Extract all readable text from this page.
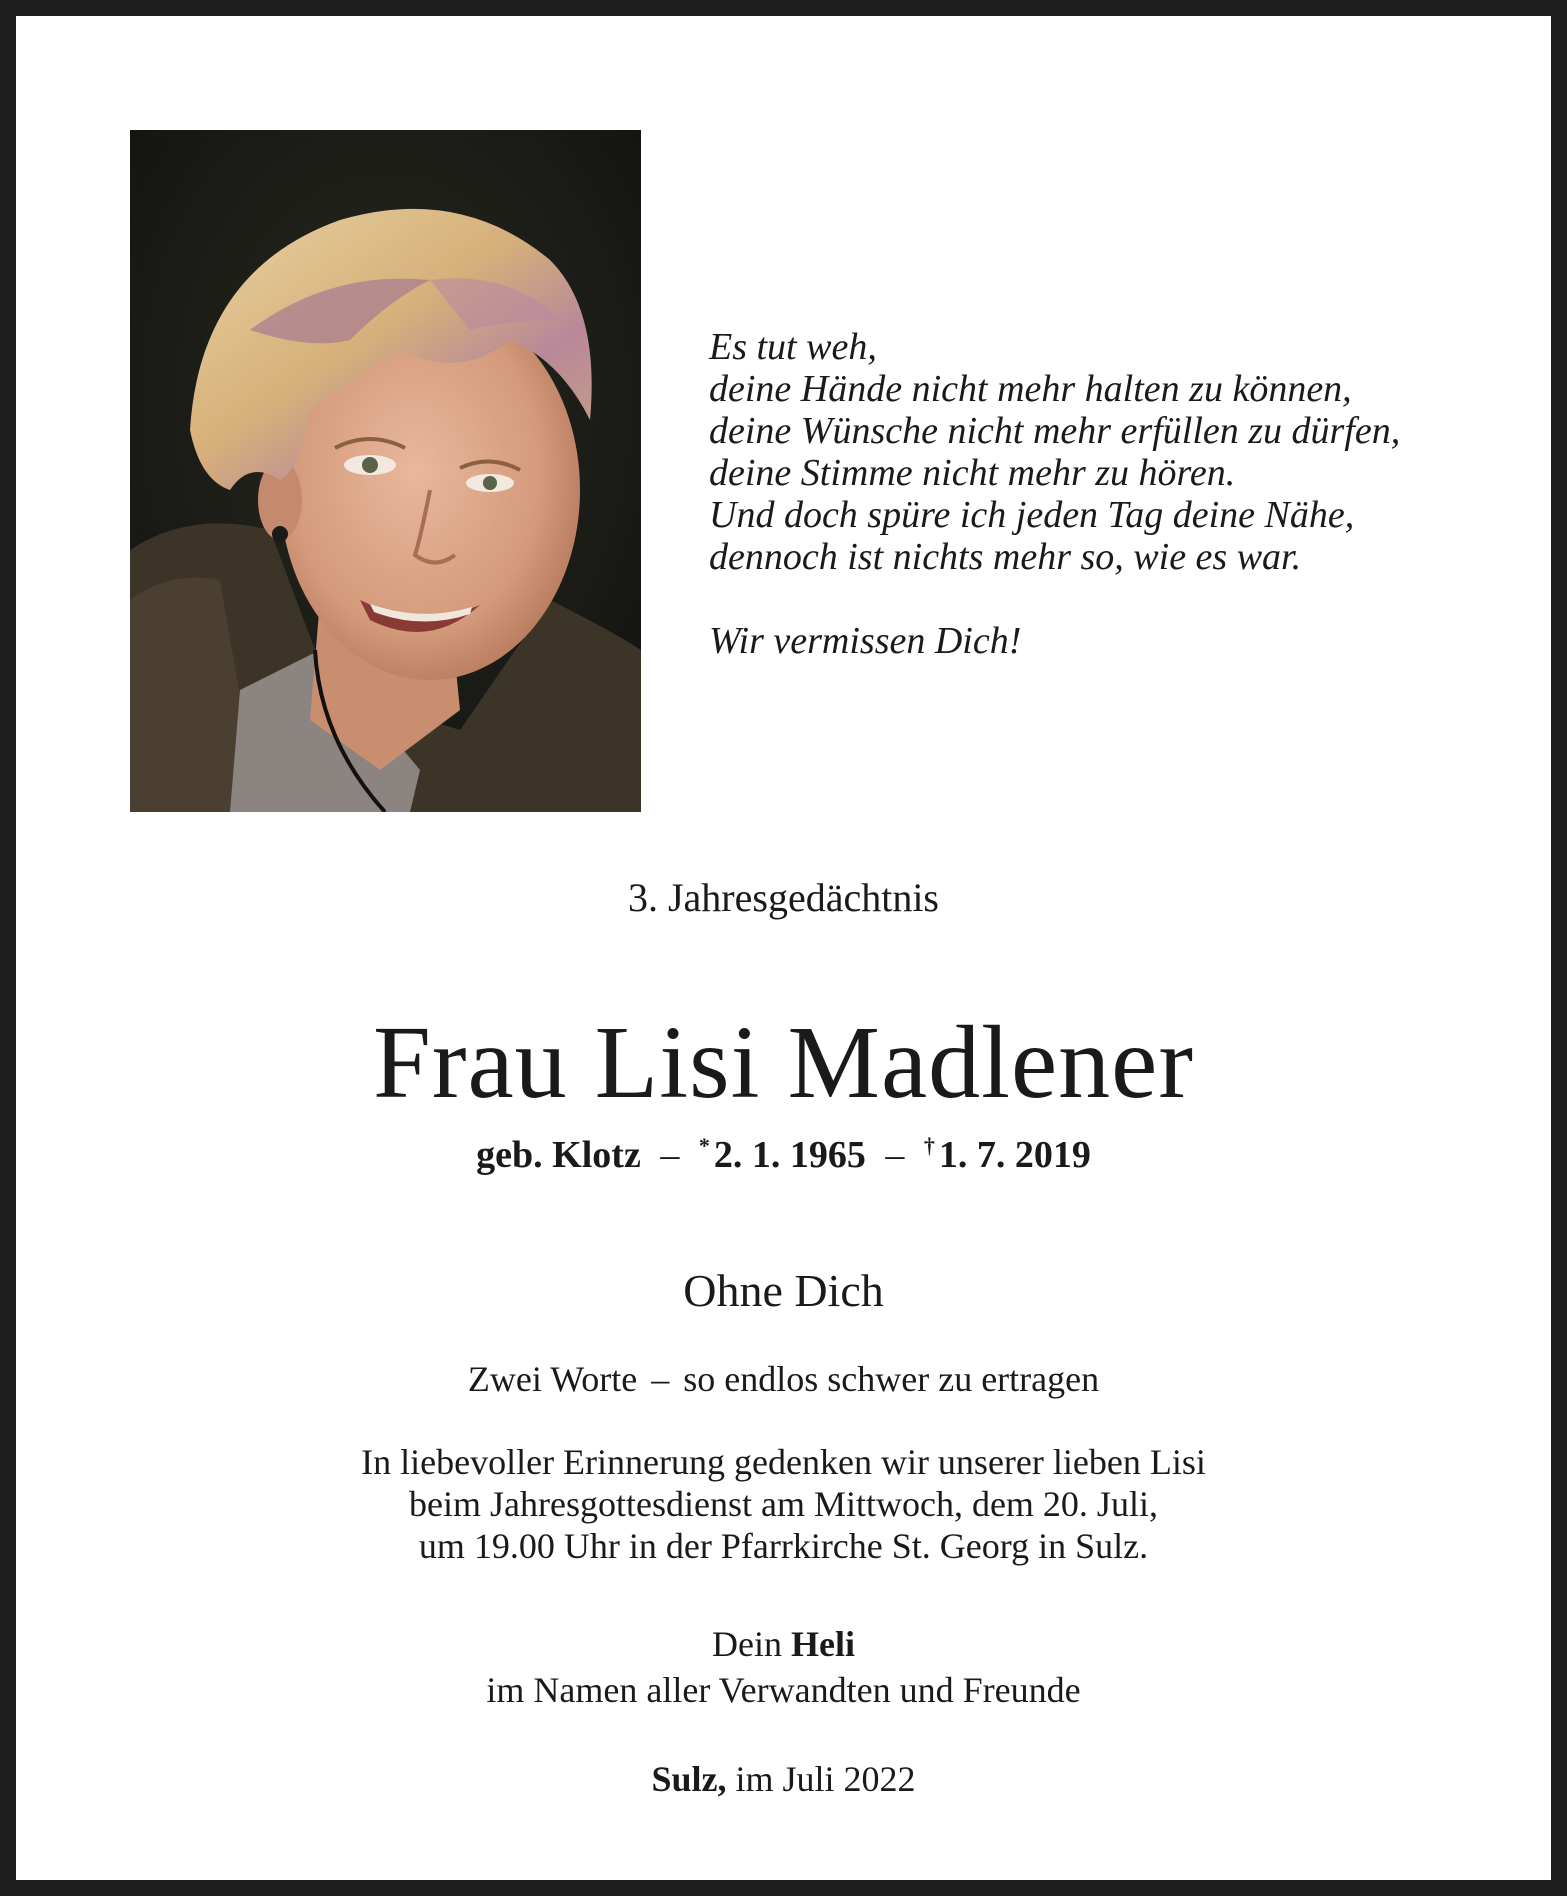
Es tut weh,
deine Hände nicht mehr halten zu können,
deine Wünsche nicht mehr erfüllen zu dürfen,
deine Stimme nicht mehr zu hören.
Und doch spüre ich jeden Tag deine Nähe,
dennoch ist nichts mehr so, wie es war.
Wir vermissen Dich!
3. Jahresgedächtnis
Frau Lisi Madlener
geb. Klotz – * 2. 1. 1965 – † 1. 7. 2019
Ohne Dich
Zwei Worte – so endlos schwer zu ertragen
In liebevoller Erinnerung gedenken wir unserer lieben Lisi
beim Jahresgottesdienst am Mittwoch, dem 20. Juli,
um 19.00 Uhr in der Pfarrkirche St. Georg in Sulz.
Dein Heli
im Namen aller Verwandten und Freunde
Sulz, im Juli 2022
